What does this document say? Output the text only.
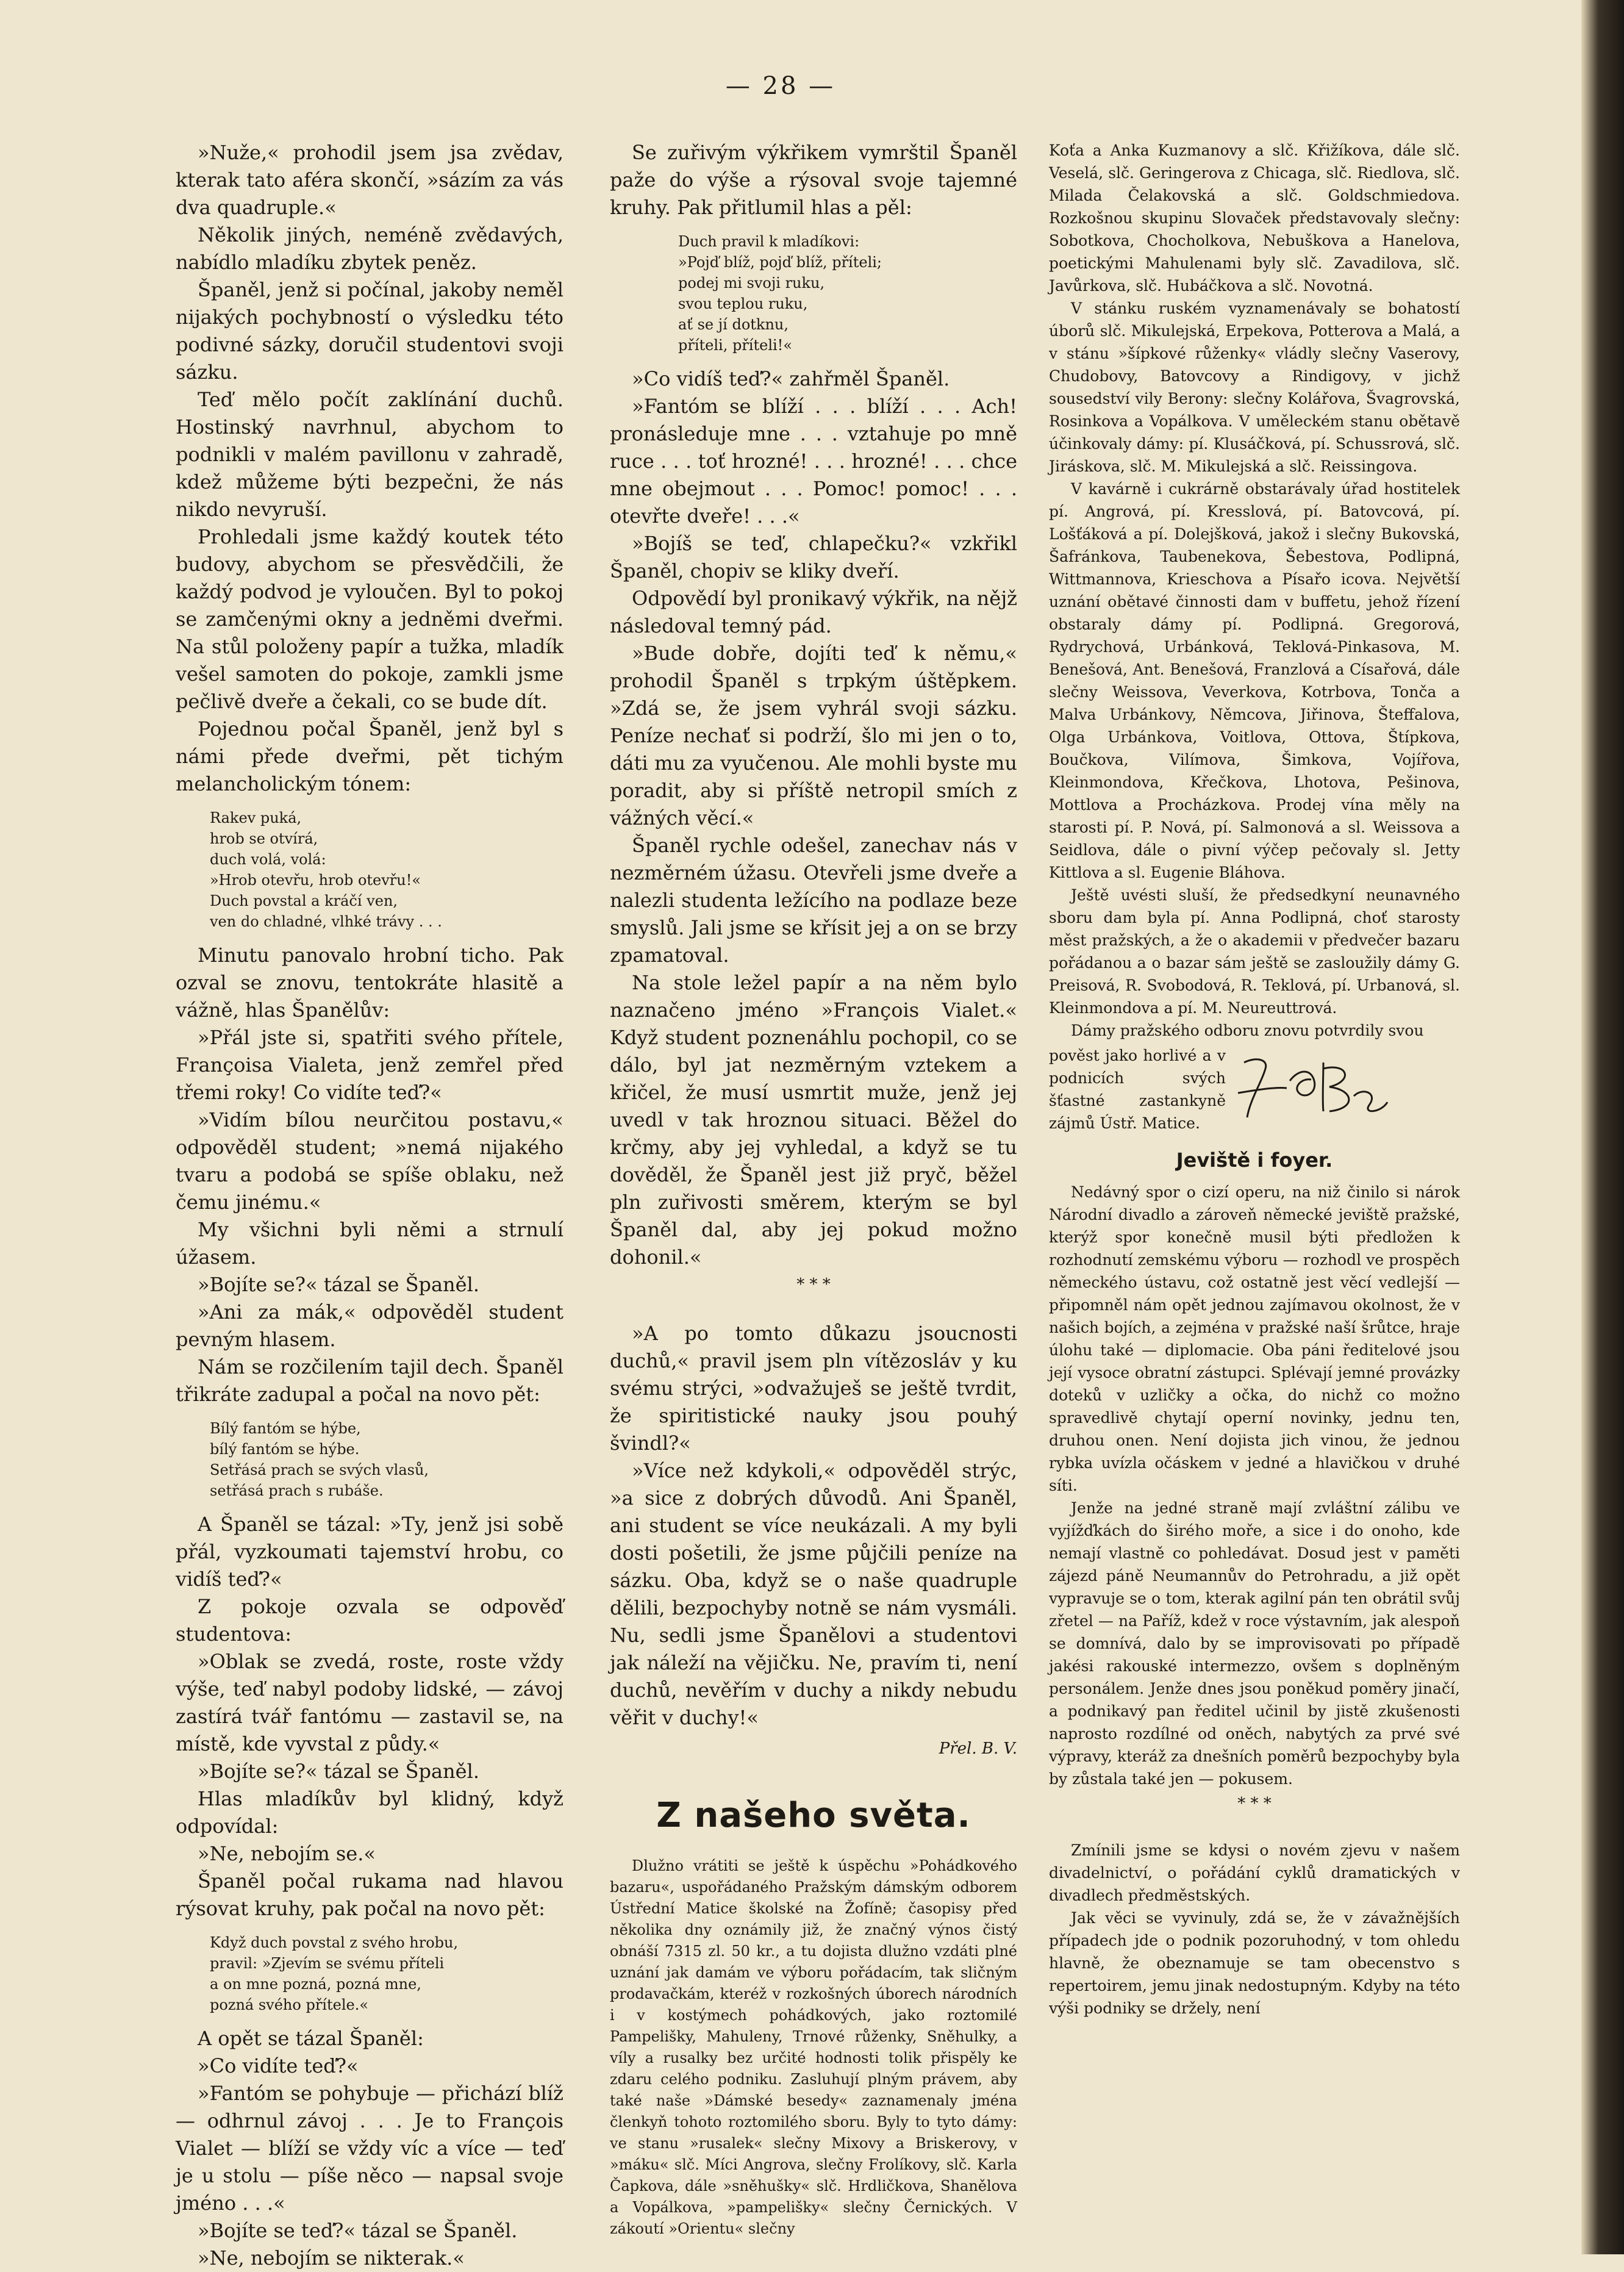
— 28 —

»Nuže,« prohodil jsem jsa zvědav, kterak tato aféra skončí, »sázím za vás dva quadruple.«

Několik jiných, neméně zvědavých, nabídlo mladíku zbytek peněz.

Španěl, jenž si počínal, jakoby neměl nijakých pochybností o výsledku této podivné sázky, doručil studentovi svoji sázku.

Teď mělo počít zaklínání duchů. Hostinský navrhnul, abychom to podnikli v malém pavillonu v zahradě, kdež můžeme býti bezpečni, že nás nikdo nevyruší.

Prohledali jsme každý koutek této budovy, abychom se přesvědčili, že každý podvod je vyloučen. Byl to pokoj se zamčenými okny a jedněmi dveřmi. Na stůl položeny papír a tužka, mladík vešel samoten do pokoje, zamkli jsme pečlivě dveře a čekali, co se bude dít.

Pojednou počal Španěl, jenž byl s námi přede dveřmi, pět tichým melancholickým tónem:

Rakev puká,
hrob se otvírá,
duch volá, volá:
»Hrob otevřu, hrob otevřu!«
Duch povstal a kráčí ven,
ven do chladné, vlhké trávy . . .

Minutu panovalo hrobní ticho. Pak ozval se znovu, tentokráte hlasitě a vážně, hlas Španělův:

»Přál jste si, spatřiti svého přítele, Françoisa Vialeta, jenž zemřel před třemi roky! Co vidíte teď?«

»Vidím bílou neurčitou postavu,« odpověděl student; »nemá nijakého tvaru a podobá se spíše oblaku, než čemu jinému.«

My všichni byli němi a strnulí úžasem.

»Bojíte se?« tázal se Španěl.

»Ani za mák,« odpověděl student pevným hlasem.

Nám se rozčilením tajil dech. Španěl třikráte zadupal a počal na novo pět:

Bílý fantóm se hýbe,
bílý fantóm se hýbe.
Setřásá prach se svých vlasů,
setřásá prach s rubáše.

A Španěl se tázal: »Ty, jenž jsi sobě přál, vyzkoumati tajemství hrobu, co vidíš teď?«

Z pokoje ozvala se odpověď studentova:

»Oblak se zvedá, roste, roste vždy výše, teď nabyl podoby lidské, — závoj zastírá tvář fantómu — zastavil se, na místě, kde vyvstal z půdy.«

»Bojíte se?« tázal se Španěl.

Hlas mladíkův byl klidný, když odpovídal:

»Ne, nebojím se.«

Španěl počal rukama nad hlavou rýsovat kruhy, pak počal na novo pět:

Když duch povstal z svého hrobu,
pravil: »Zjevím se svému příteli
a on mne pozná, pozná mne,
pozná svého přítele.«

A opět se tázal Španěl:

»Co vidíte teď?«

»Fantóm se pohybuje — přichází blíž — odhrnul závoj . . . Je to François Vialet — blíží se vždy víc a více — teď je u stolu — píše něco — napsal svoje jméno . . .«

»Bojíte se teď?« tázal se Španěl.

»Ne, nebojím se nikterak.«

Se zuřivým výkřikem vymrštil Španěl paže do výše a rýsoval svoje tajemné kruhy. Pak přitlumil hlas a pěl:

Duch pravil k mladíkovi:
»Pojď blíž, pojď blíž, příteli;
podej mi svoji ruku,
svou teplou ruku,
ať se jí dotknu,
příteli, příteli!«

»Co vidíš teď?« zahřměl Španěl.

»Fantóm se blíží . . . blíží . . . Ach! pronásleduje mne . . . vztahuje po mně ruce . . . toť hrozné! . . . hrozné! . . . chce mne obejmout . . . Pomoc! pomoc! . . . otevřte dveře! . . .«

»Bojíš se teď, chlapečku?« vzkřikl Španěl, chopiv se kliky dveří.

Odpovědí byl pronikavý výkřik, na nějž následoval temný pád.

»Bude dobře, dojíti teď k němu,« prohodil Španěl s trpkým úštěpkem. »Zdá se, že jsem vyhrál svoji sázku. Peníze nechať si podrží, šlo mi jen o to, dáti mu za vyučenou. Ale mohli byste mu poradit, aby si příště netropil smích z vážných věcí.«

Španěl rychle odešel, zanechav nás v nezměrném úžasu. Otevřeli jsme dveře a nalezli studenta ležícího na podlaze beze smyslů. Jali jsme se křísit jej a on se brzy zpamatoval.

Na stole ležel papír a na něm bylo naznačeno jméno »François Vialet.« Když student poznenáhlu pochopil, co se dálo, byl jat nezměrným vztekem a křičel, že musí usmrtit muže, jenž jej uvedl v tak hroznou situaci. Běžel do krčmy, aby jej vyhledal, a když se tu dověděl, že Španěl jest již pryč, běžel pln zuřivosti směrem, kterým se byl Španěl dal, aby jej pokud možno dohonil.«

* * *

»A po tomto důkazu jsoucnosti duchů,« pravil jsem pln vítězosláv y ku svému strýci, »odvažuješ se ještě tvrdit, že spiritistické nauky jsou pouhý švindl?«

»Více než kdykoli,« odpověděl strýc, »a sice z dobrých důvodů. Ani Španěl, ani student se více neukázali. A my byli dosti pošetili, že jsme půjčili peníze na sázku. Oba, když se o naše quadruple dělili, bezpochyby notně se nám vysmáli. Nu, sedli jsme Španělovi a studentovi jak náleží na vějičku. Ne, pravím ti, není duchů, nevěřím v duchy a nikdy nebudu věřit v duchy!«

Přel. B. V.
Z našeho světa.

Dlužno vrátiti se ještě k úspěchu »Pohádkového bazaru«, uspořádaného Pražským dámským odborem Ústřední Matice školské na Žofíně; časopisy před několika dny oznámily již, že značný výnos čistý obnáší 7315 zl. 50 kr., a tu dojista dlužno vzdáti plné uznání jak damám ve výboru pořádacím, tak sličným prodavačkám, kteréž v rozkošných úborech národních i v kostýmech pohádkových, jako roztomilé Pampelišky, Mahuleny, Trnové růženky, Sněhulky, a víly a rusalky bez určité hodnosti tolik přispěly ke zdaru celého podniku. Zasluhují plným právem, aby také naše »Dámské besedy« zaznamenaly jména členkyň tohoto roztomilého sboru. Byly to tyto dámy: ve stanu »rusalek« slečny Mixovy a Briskerovy, v »máku« slč. Míci Angrova, slečny Frolíkovy, slč. Karla Čapkova, dále »sněhušky« slč. Hrdličkova, Shanělova a Vopálkova, »pampelišky« slečny Černických. V zákoutí »Orientu« slečny

Koťa a Anka Kuzmanovy a slč. Křižíkova, dále slč. Veselá, slč. Geringerova z Chicaga, slč. Riedlova, slč. Milada Čelakovská a slč. Goldschmiedova. Rozkošnou skupinu Slovaček představovaly slečny: Sobotkova, Chocholkova, Nebuškova a Hanelova, poetickými Mahulenami byly slč. Zavadilova, slč. Javůrkova, slč. Hubáčkova a slč. Novotná.

V stánku ruském vyznamenávaly se bohatostí úborů slč. Mikulejská, Erpekova, Potterova a Malá, a v stánu »šípkové růženky« vládly slečny Vaserovy, Chudobovy, Batovcovy a Rindigovy, v jichž sousedství vily Berony: slečny Kolářova, Švagrovská, Rosinkova a Vopálkova. V uměleckém stanu obětavě účinkovaly dámy: pí. Klusáčková, pí. Schussrová, slč. Jiráskova, slč. M. Mikulejská a slč. Reissingova.

V kavárně i cukrárně obstarávaly úřad hostitelek pí. Angrová, pí. Kresslová, pí. Batovcová, pí. Lošťáková a pí. Dolejšková, jakož i slečny Bukovská, Šafránkova, Taubenekova, Šebestova, Podlipná, Wittmannova, Krieschova a Písařo icova. Největší uznání obětavé činnosti dam v buffetu, jehož řízení obstaraly dámy pí. Podlipná. Gregorová, Rydrychová, Urbánková, Teklová-Pinkasova, M. Benešová, Ant. Benešová, Franzlová a Císařová, dále slečny Weissova, Veverkova, Kotrbova, Tonča a Malva Urbánkovy, Němcova, Jiřinova, Šteffalova, Olga Urbánkova, Voitlova, Ottova, Štípkova, Boučkova, Vilímova, Šimkova, Vojířova, Kleinmondova, Křečkova, Lhotova, Pešinova, Mottlova a Procházkova. Prodej vína měly na starosti pí. P. Nová, pí. Salmonová a sl. Weissova a Seidlova, dále o pivní výčep pečovaly sl. Jetty Kittlova a sl. Eugenie Bláhova.

Ještě uvésti sluší, že předsedkyní neunavného sboru dam byla pí. Anna Podlipná, choť starosty měst pražských, a že o akademii v předvečer bazaru pořádanou a o bazar sám ještě se zasloužily dámy G. Preisová, R. Svobodová, R. Teklová, pí. Urbanová, sl. Kleinmondova a pí. M. Neureuttrová.

Dámy pražského odboru znovu potvrdily svou

pověst jako horlivé a v podnicích svých šťastné zastankyně zájmů Ústř. Matice.

Jeviště i foyer.

Nedávný spor o cizí operu, na niž činilo si nárok Národní divadlo a zároveň německé jeviště pražské, kterýž spor konečně musil býti předložen k rozhodnutí zemskému výboru — rozhodl ve prospěch německého ústavu, což ostatně jest věcí vedlejší — připomněl nám opět jednou zajímavou okolnost, že v našich bojích, a zejména v pražské naší šrůtce, hraje úlohu také — diplomacie. Oba páni ředitelové jsou její vysoce obratní zástupci. Splévají jemné provázky doteků v uzličky a očka, do nichž co možno spravedlivě chytají operní novinky, jednu ten, druhou onen. Není dojista jich vinou, že jednou rybka uvízla očáskem v jedné a hlavičkou v druhé síti.

Jenže na jedné straně mají zvláštní zálibu ve vyjížďkách do širého moře, a sice i do onoho, kde nemají vlastně co pohledávat. Dosud jest v paměti zájezd páně Neumannův do Petrohradu, a již opět vypravuje se o tom, kterak agilní pán ten obrátil svůj zřetel — na Paříž, kdež v roce výstavním, jak alespoň se domnívá, dalo by se improvisovati po případě jakési rakouské intermezzo, ovšem s doplněným personálem. Jenže dnes jsou poněkud poměry jinačí, a podnikavý pan ředitel učinil by jistě zkušenosti naprosto rozdílné od oněch, nabytých za prvé své výpravy, kteráž za dnešních poměrů bezpochyby byla by zůstala také jen — pokusem.

* * *

Zmínili jsme se kdysi o novém zjevu v našem divadelnictví, o pořádání cyklů dramatických v divadlech předměstských.

Jak věci se vyvinuly, zdá se, že v závažnějších případech jde o podnik pozoruhodný, v tom ohledu hlavně, že obeznamuje se tam obecenstvo s repertoirem, jemu jinak nedostupným. Kdyby na této výši podniky se držely, není
